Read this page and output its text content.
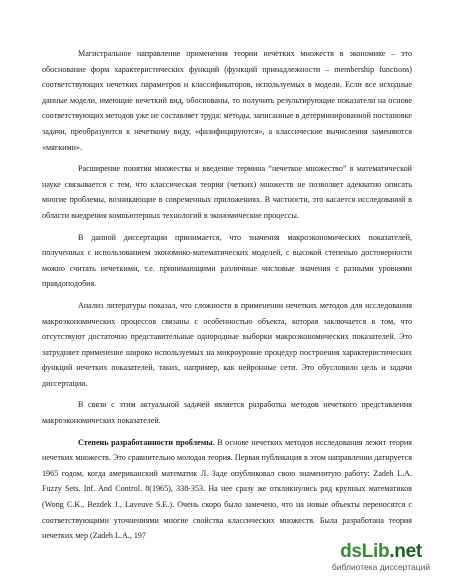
Магистральное направление применения теории нечетких множеств в экономике – это обоснование форм характеристических функций (функций принадлежности – membership functions) соответствующих нечетких параметров и классификаторов, используемых в модели. Если все исходные данные модели, имеющие нечеткий вид, обоснованы, то получить результирующие показатели на основе соответствующих методов уже не составляет труда: методы, записанные в детерминированной постановке задачи, преобразуются к нечеткому виду, «фазифицируются», а классические вычисления заменяются «мягкими».

Расширение понятия множества и введение термина “нечеткое множество” в математической науке связывается с тем, что классическая теория (четких) множеств не позволяет адекватно описать многие проблемы, возникающие в современных приложениях. В частности, это касается исследований в области внедрения компьютерных технологий в экономические процессы.

В данной диссертации принимается, что значения макроэкономических показателей, полученных с использованием экономико-математических моделей, с высокой степенью достоверности можно считать нечеткими, т.е. принимающими различные числовые значения с разными уровнями правдоподобия.

Анализ литературы показал, что сложности в применении нечетких методов для исследования макроэкономических процессов связаны с особенностью объекта, которая заключается в том, что отсутствуют достаточно представительные однородные выборки макроэкономических показателей. Это затрудняет применение широко используемых на микроуровне процедур построения характеристических функций нечетких показателей, таких, например, как нейронные сети. Это обусловило цель и задачи диссертации.

В связи с этим актуальной задачей является разработка методов нечеткого представления макроэкономических показателей.

Степень разработанности проблемы. В основе нечетких методов исследования лежит теория нечетких множеств. Это сравнительно молодая теория. Первая публикация в этом направлении датируется 1965 годом, когда американский математик Л. Заде опубликовал свою знаменитую работу: Zadeh L.A. Fuzzy Sets. Inf. And Control. 8(1965), 338-353. На нее сразу же откликнулись ряд крупных математиков (Wong C.K., Bezdek J., Laveuve S.E.). Очень скоро было замечено, что на новые объекты переносятся с соответствующими уточнениями многие свойства классических множеств. Была разработана теория нечетких мер (Zadeh L.A., 197

dsLib.net
библиотека диссертаций
